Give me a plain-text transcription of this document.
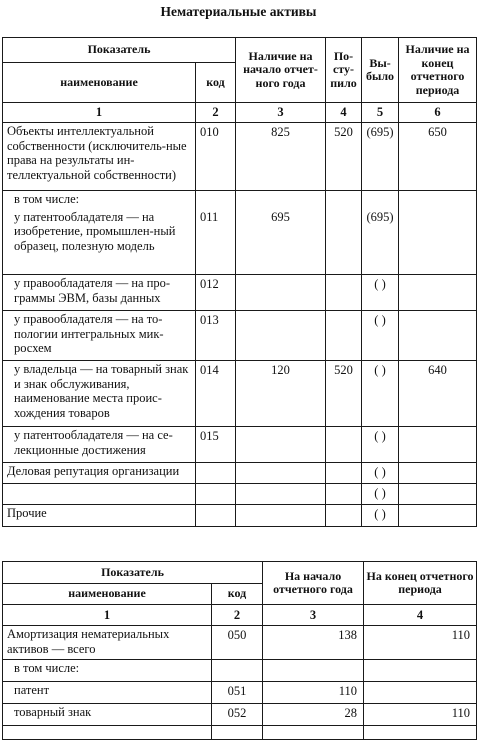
Нематериальные активы
Показатель		Наличие на начало отчет-ного года	По-сту-пило	Вы-было	Наличие на конец отчетного периода
наименование	код				
1	2	3	4	5	6
Объекты интеллектуальной собственности (исключитель-ные права на результаты ин-теллектуальной собственности)	010	825	520	(695)	650

в том числе:
у патентообладателя — на изобретение, промышлен-ный образец, полезную модель	011	695		(695)	
у правообладателя — на про-граммы ЭВМ, базы данных	012			( )	
у правообладателя — на то-пологии интегральных мик-росхем	013			( )	
у владельца — на товарный знак и знак обслуживания, наименование места проис-хождения товаров	014	120	520	( )	640
у патентообладателя — на се-лекционные достижения	015			( )	
Деловая репутация организации				( )	
				( )	
Прочие				( )	
Показатель		На начало отчетного года	На конец отчетного периода
наименование	код		
1	2	3	4
Амортизация нематериальных активов — всего	050	138	110
в том числе:			
патент	051	110	
товарный знак	052	28	110
